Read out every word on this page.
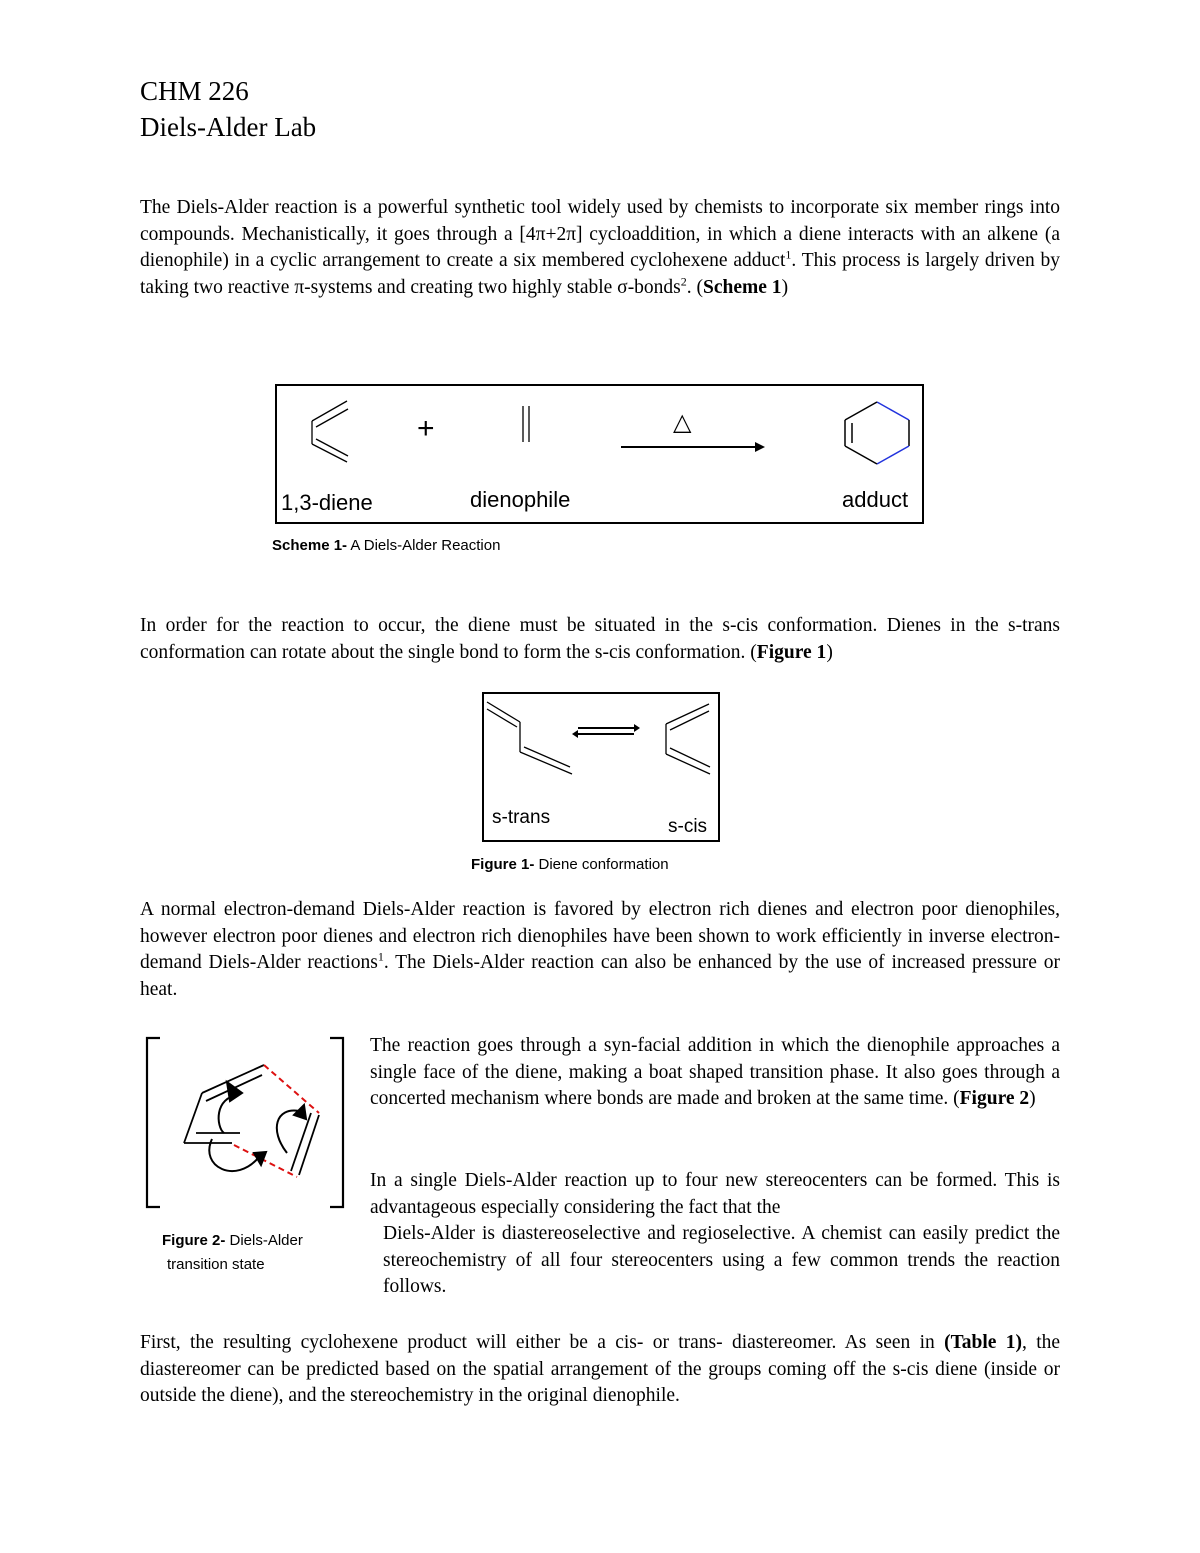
CHM 226
Diels-Alder Lab
The Diels-Alder reaction is a powerful synthetic tool widely used by chemists to incorporate six member rings into compounds. Mechanistically, it goes through a [4π+2π] cycloaddition, in which a diene interacts with an alkene (a dienophile) in a cyclic arrangement to create a six membered cyclohexene adduct$^1$. This process is largely driven by taking two reactive π-systems and creating two highly stable σ-bonds$^2$. (Scheme 1)
+	△
1,3-diene	dienophile	adduct
Scheme 1- A Diels-Alder Reaction
In order for the reaction to occur, the diene must be situated in the s-cis conformation. Dienes in the s-trans conformation can rotate about the single bond to form the s-cis conformation. (Figure 1)
s-trans	s-cis
Figure 1- Diene conformation
A normal electron-demand Diels-Alder reaction is favored by electron rich dienes and electron poor dienophiles, however electron poor dienes and electron rich dienophiles have been shown to work efficiently in inverse electron-demand Diels-Alder reactions$^1$. The Diels-Alder reaction can also be enhanced by the use of increased pressure or heat.
Figure 2- Diels-Alder
transition state
The reaction goes through a syn-facial addition in which the dienophile approaches a single face of the diene, making a boat shaped transition phase. It also goes through a concerted mechanism where bonds are made and broken at the same time. (Figure 2)
In a single Diels-Alder reaction up to four new stereocenters can be formed. This is advantageous especially considering the fact that the
Diels-Alder is diastereoselective and regioselective. A chemist can easily predict the stereochemistry of all four stereocenters using a few common trends the reaction follows.
First, the resulting cyclohexene product will either be a cis- or trans- diastereomer. As seen in (Table 1), the diastereomer can be predicted based on the spatial arrangement of the groups coming off the s-cis diene (inside or outside the diene), and the stereochemistry in the original dienophile.
